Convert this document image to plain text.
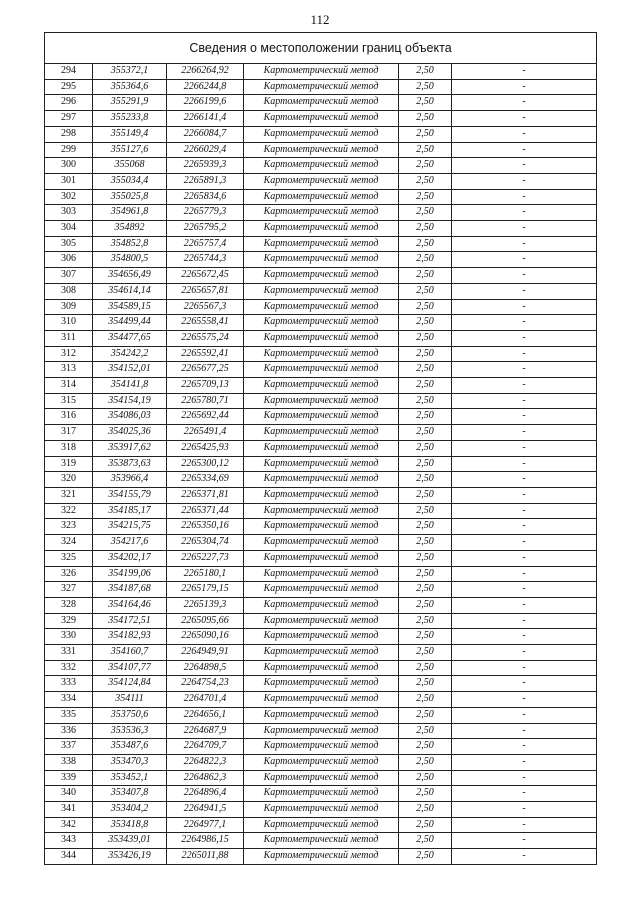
112
Сведения о местоположении границ объекта					
294	355372,1	2266264,92	Картометрический метод	2,50	-
295	355364,6	2266244,8	Картометрический метод	2,50	-
296	355291,9	2266199,6	Картометрический метод	2,50	-
297	355233,8	2266141,4	Картометрический метод	2,50	-
298	355149,4	2266084,7	Картометрический метод	2,50	-
299	355127,6	2266029,4	Картометрический метод	2,50	-
300	355068	2265939,3	Картометрический метод	2,50	-
301	355034,4	2265891,3	Картометрический метод	2,50	-
302	355025,8	2265834,6	Картометрический метод	2,50	-
303	354961,8	2265779,3	Картометрический метод	2,50	-
304	354892	2265795,2	Картометрический метод	2,50	-
305	354852,8	2265757,4	Картометрический метод	2,50	-
306	354800,5	2265744,3	Картометрический метод	2,50	-
307	354656,49	2265672,45	Картометрический метод	2,50	-
308	354614,14	2265657,81	Картометрический метод	2,50	-
309	354589,15	2265567,3	Картометрический метод	2,50	-
310	354499,44	2265558,41	Картометрический метод	2,50	-
311	354477,65	2265575,24	Картометрический метод	2,50	-
312	354242,2	2265592,41	Картометрический метод	2,50	-
313	354152,01	2265677,25	Картометрический метод	2,50	-
314	354141,8	2265709,13	Картометрический метод	2,50	-
315	354154,19	2265780,71	Картометрический метод	2,50	-
316	354086,03	2265692,44	Картометрический метод	2,50	-
317	354025,36	2265491,4	Картометрический метод	2,50	-
318	353917,62	2265425,93	Картометрический метод	2,50	-
319	353873,63	2265300,12	Картометрический метод	2,50	-
320	353966,4	2265334,69	Картометрический метод	2,50	-
321	354155,79	2265371,81	Картометрический метод	2,50	-
322	354185,17	2265371,44	Картометрический метод	2,50	-
323	354215,75	2265350,16	Картометрический метод	2,50	-
324	354217,6	2265304,74	Картометрический метод	2,50	-
325	354202,17	2265227,73	Картометрический метод	2,50	-
326	354199,06	2265180,1	Картометрический метод	2,50	-
327	354187,68	2265179,15	Картометрический метод	2,50	-
328	354164,46	2265139,3	Картометрический метод	2,50	-
329	354172,51	2265095,66	Картометрический метод	2,50	-
330	354182,93	2265090,16	Картометрический метод	2,50	-
331	354160,7	2264949,91	Картометрический метод	2,50	-
332	354107,77	2264898,5	Картометрический метод	2,50	-
333	354124,84	2264754,23	Картометрический метод	2,50	-
334	354111	2264701,4	Картометрический метод	2,50	-
335	353750,6	2264656,1	Картометрический метод	2,50	-
336	353536,3	2264687,9	Картометрический метод	2,50	-
337	353487,6	2264709,7	Картометрический метод	2,50	-
338	353470,3	2264822,3	Картометрический метод	2,50	-
339	353452,1	2264862,3	Картометрический метод	2,50	-
340	353407,8	2264896,4	Картометрический метод	2,50	-
341	353404,2	2264941,5	Картометрический метод	2,50	-
342	353418,8	2264977,1	Картометрический метод	2,50	-
343	353439,01	2264986,15	Картометрический метод	2,50	-
344	353426,19	2265011,88	Картометрический метод	2,50	-
